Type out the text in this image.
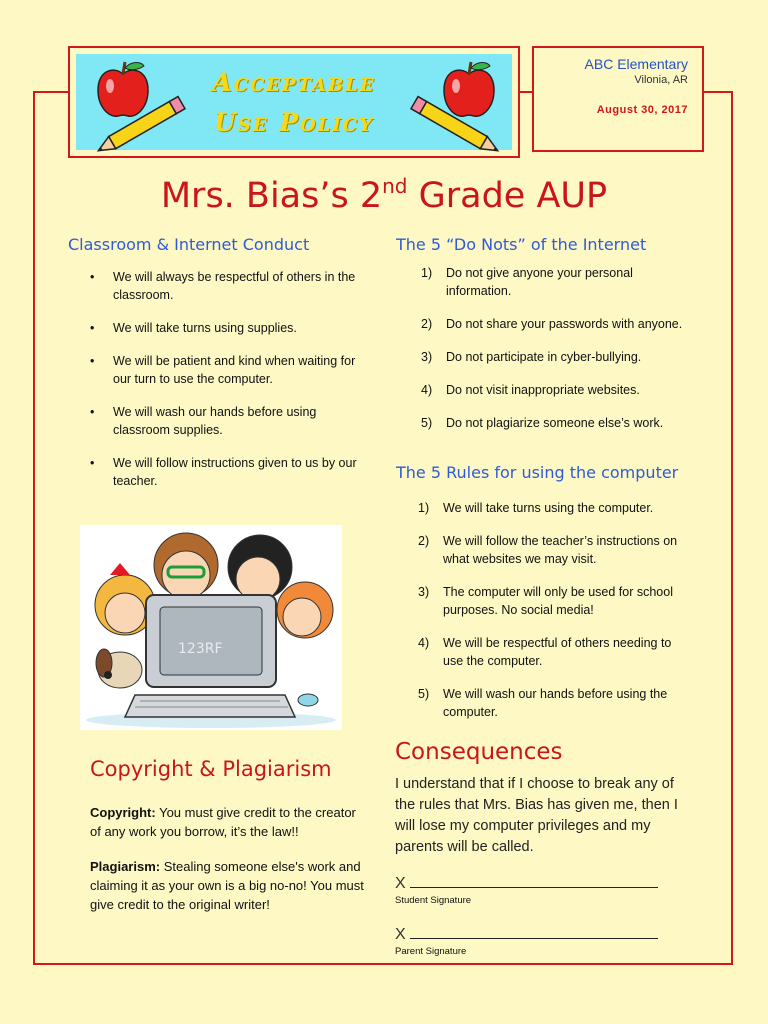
Acceptable
Use Policy
ABC Elementary
Vilonia, AR
August 30, 2017
Mrs. Bias’s 2nd Grade AUP
Classroom & Internet Conduct
• We will always be respectful of others in the classroom.
• We will take turns using supplies.
• We will be patient and kind when waiting for our turn to use the computer.
• We will wash our hands before using classroom supplies.
• We will follow instructions given to us by our teacher.
123RF
The 5 “Do Nots” of the Internet
1) Do not give anyone your personal information.
2) Do not share your passwords with anyone.
3) Do not participate in cyber-bullying.
4) Do not visit inappropriate websites.
5) Do not plagiarize someone else’s work.
The 5 Rules for using the computer
1) We will take turns using the computer.
2) We will follow the teacher’s instructions on what websites we may visit.
3) The computer will only be used for school purposes. No social media!
4) We will be respectful of others needing to use the computer.
5) We will wash our hands before using the computer.
Copyright & Plagiarism
Copyright: You must give credit to the creator of any work you borrow, it’s the law!!
Plagiarism: Stealing someone else's work and claiming it as your own is a big no-no! You must give credit to the original writer!
Consequences
I understand that if I choose to break any of the rules that Mrs. Bias has given me, then I will lose my computer privileges and my parents will be called.
X
Student Signature
X
Parent Signature
